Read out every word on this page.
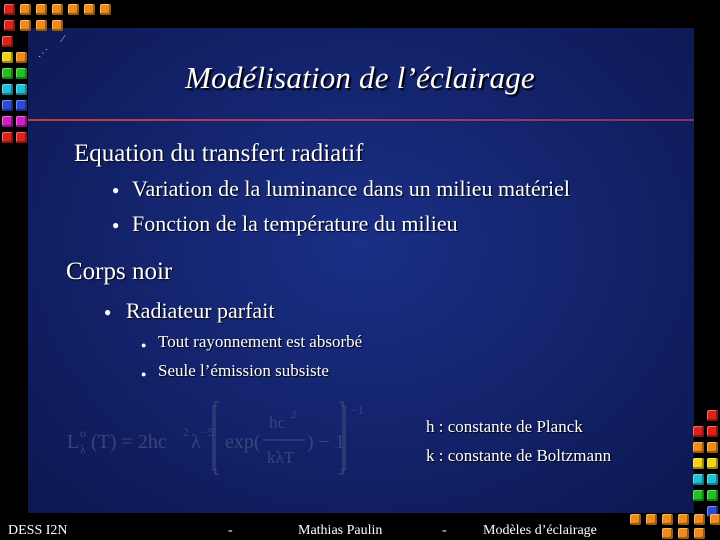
⋰
⁄
Modélisation de l’éclairage
Equation du transfert radiatif
● Variation de la luminance dans un milieu matériel
● Fonction de la température du milieu
Corps noir
● Radiateur parfait
● Tout rayonnement est absorbé
● Seule l’émission subsiste
L o
λ (T) = 2hc 2 λ −5 exp(
hc 2
kλT
) − 1
−1
h : constante de Planck
k : constante de Boltzmann
DESS I2N	-	Mathias Paulin	-	Modèles d’éclairage
